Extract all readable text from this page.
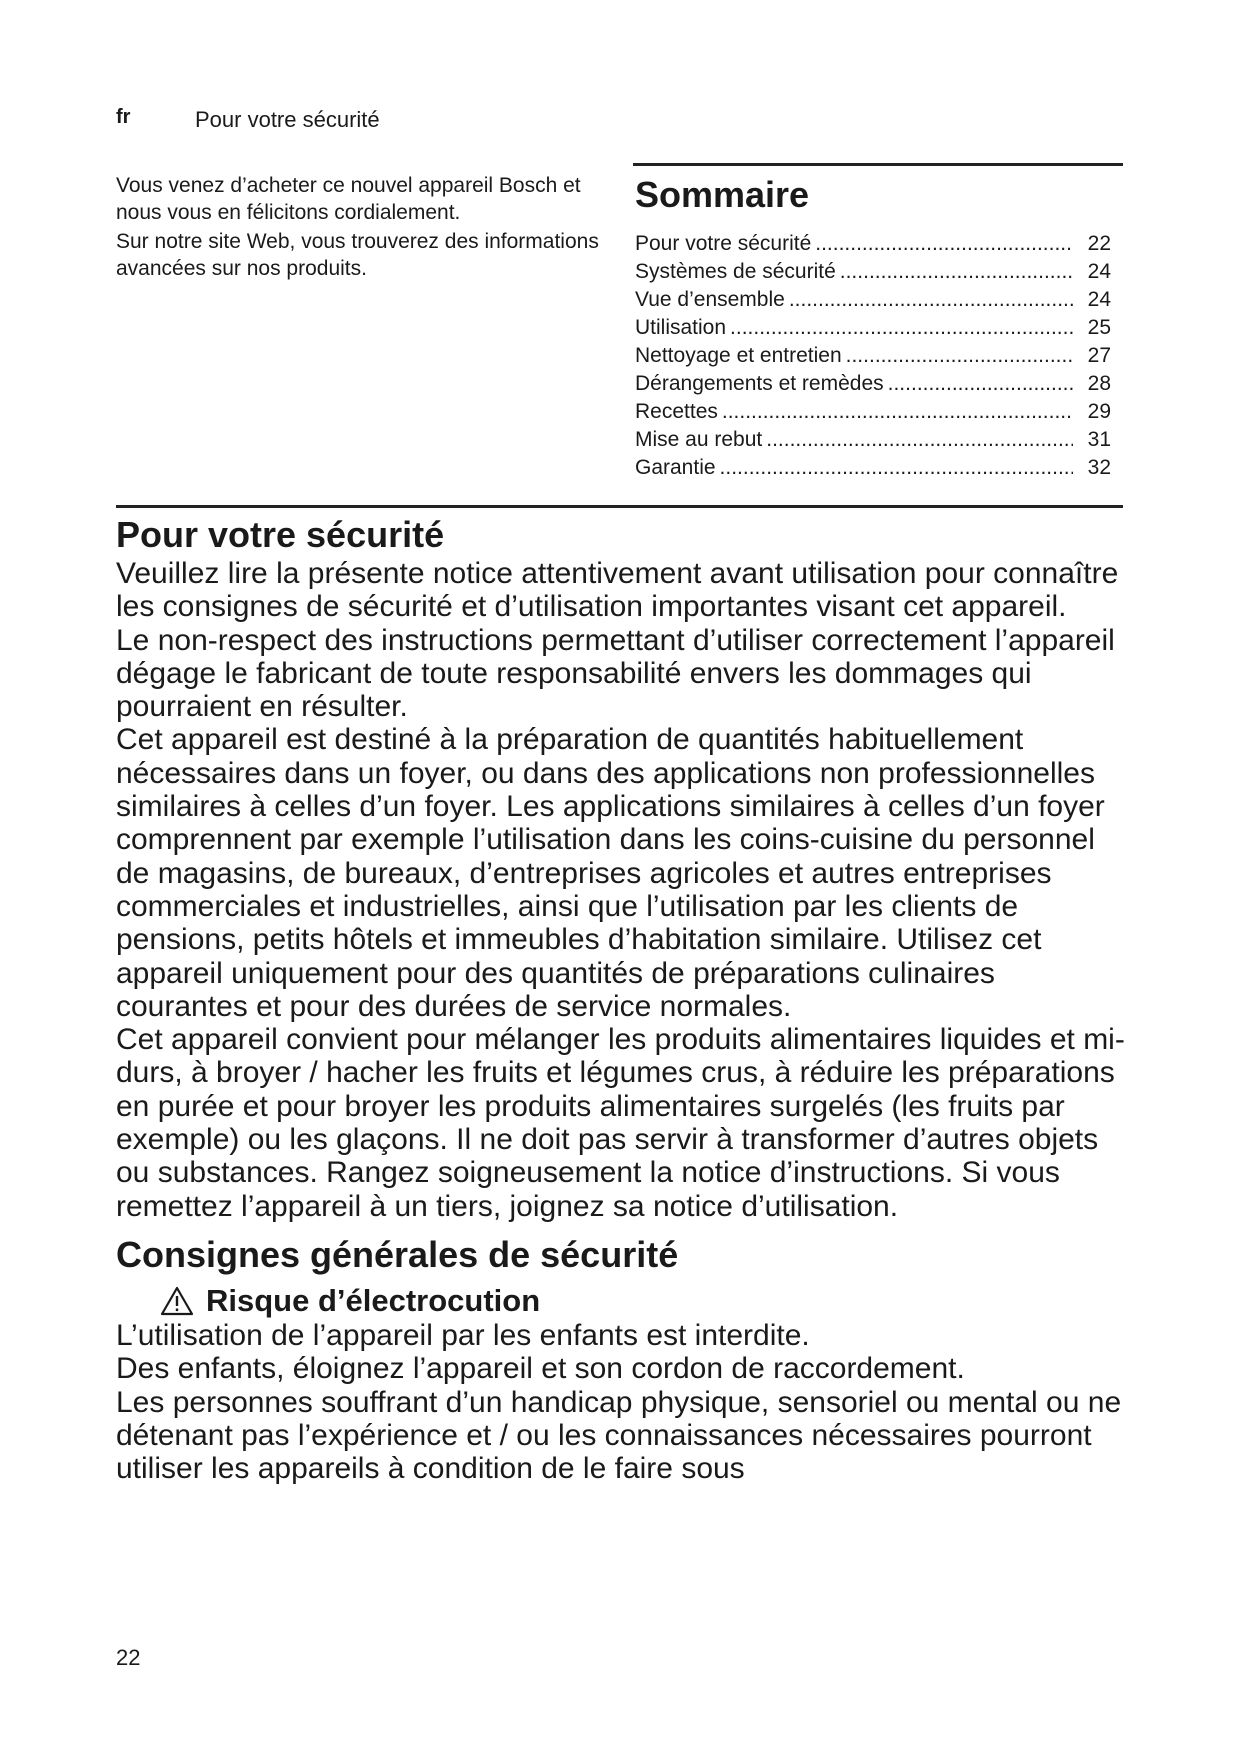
fr	Pour votre sécurité

Vous venez d’acheter ce nouvel appareil Bosch et nous vous en félicitons cordialement.

Sur notre site Web, vous trouverez des informations avancées sur nos produits.

Sommaire
Pour votre sécurité .....	22
Systèmes de sécurité .....	24
Vue d’ensemble .....	24
Utilisation .....	25
Nettoyage et entretien .....	27
Dérangements et remèdes .....	28
Recettes .....	29
Mise au rebut .....	31
Garantie .....	32
Pour votre sécurité

Veuillez lire la présente notice attentivement avant utilisation pour connaître les consignes de sécurité et d’utilisation importantes visant cet appareil.

Le non-respect des instructions permettant d’utiliser correctement l’appareil dégage le fabricant de toute responsabilité envers les dommages qui pourraient en résulter.

Cet appareil est destiné à la préparation de quantités habituellement nécessaires dans un foyer, ou dans des applications non professionnelles similaires à celles d’un foyer. Les applications similaires à celles d’un foyer comprennent par exemple l’utilisation dans les coins-cuisine du personnel de magasins, de bureaux, d’entreprises agricoles et autres entreprises commerciales et industrielles, ainsi que l’utilisation par les clients de pensions, petits hôtels et immeubles d’habitation similaire. Utilisez cet appareil uniquement pour des quantités de préparations culinaires courantes et pour des durées de service normales.

Cet appareil convient pour mélanger les produits alimentaires liquides et mi-durs, à broyer / hacher les fruits et légumes crus, à réduire les préparations en purée et pour broyer les produits alimentaires surgelés (les fruits par exemple) ou les glaçons. Il ne doit pas servir à transformer d’autres objets ou substances. Rangez soigneusement la notice d’instructions. Si vous remettez l’appareil à un tiers, joignez sa notice d’utilisation.

Consignes générales de sécurité
Risque d’électrocution

L’utilisation de l’appareil par les enfants est interdite.

Des enfants, éloignez l’appareil et son cordon de raccordement.

Les personnes souffrant d’un handicap physique, sensoriel ou mental ou ne détenant pas l’expérience et / ou les connaissances nécessaires pourront utiliser les appareils à condition de le faire sous

22
